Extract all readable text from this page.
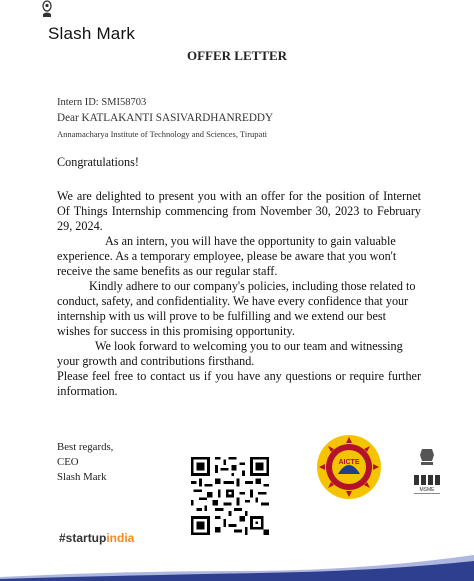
Slash Mark
OFFER LETTER
Intern ID: SMI58703
Dear KATLAKANTI SASIVARDHANREDDY
Annamacharya Institute of Technology and Sciences, Tirupati
Congratulations!

We are delighted to present you with an offer for the position of Internet Of Things Internship commencing from November 30, 2023 to February 29, 2024.

As an intern, you will have the opportunity to gain valuable experience. As a temporary employee, please be aware that you won't receive the same benefits as our regular staff.

Kindly adhere to our company's policies, including those related to conduct, safety, and confidentiality. We have every confidence that your internship with us will prove to be fulfilling and we extend our best wishes for success in this promising opportunity.

We look forward to welcoming you to our team and witnessing your growth and contributions firsthand.

Please feel free to contact us if you have any questions or require further information.

Best regards,
CEO
Slash Mark
AICTE
MSME
#startupindia
